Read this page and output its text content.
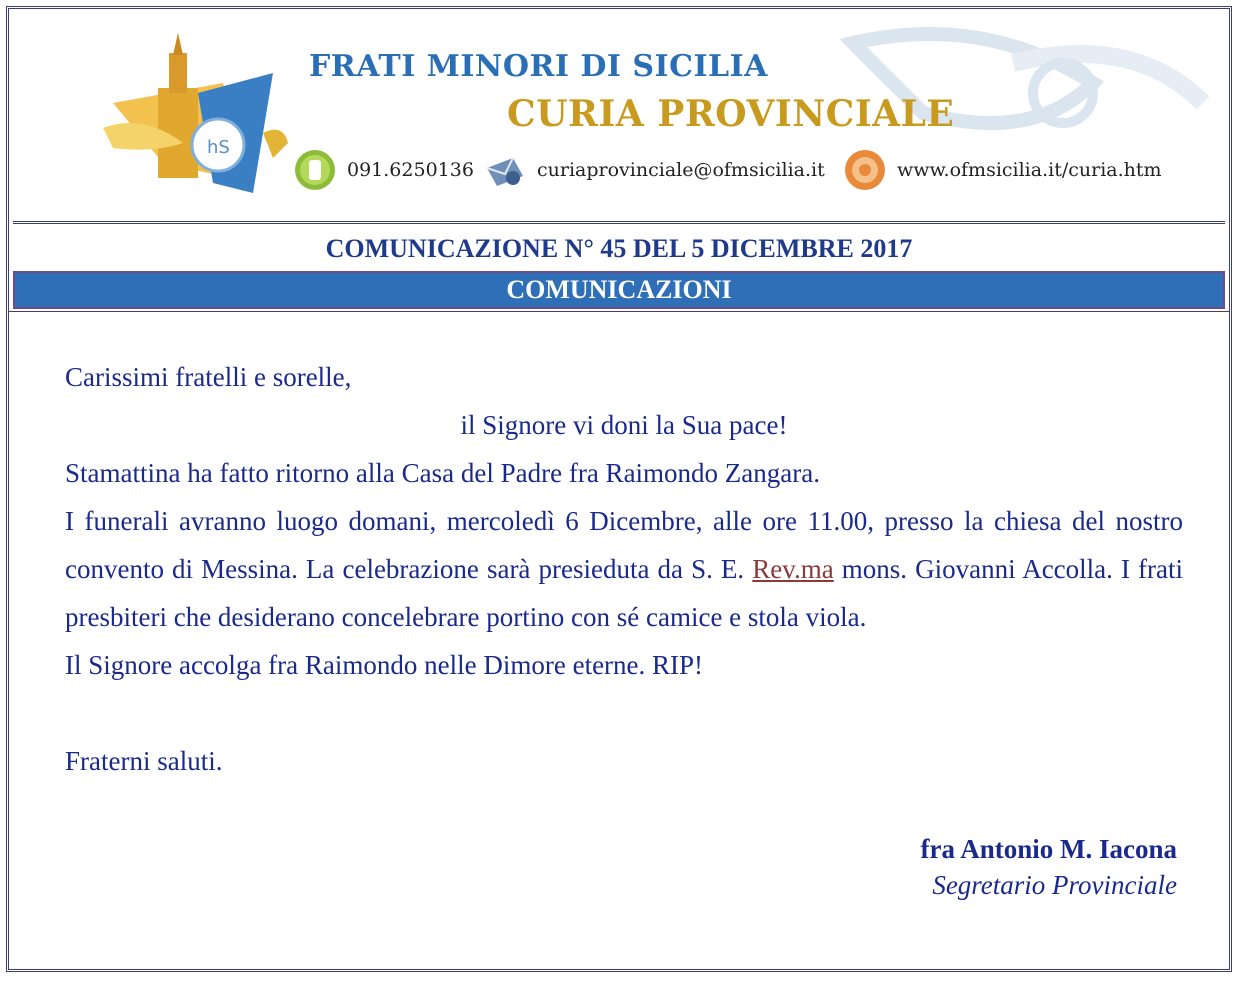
hS
FRATI MINORI DI SICILIA
CURIA PROVINCIALE
091.6250136	curiaprovinciale@ofmsicilia.it	www.ofmsicilia.it/curia.htm
COMUNICAZIONE N° 45 DEL 5 DICEMBRE 2017
COMUNICAZIONI

Carissimi fratelli e sorelle,

il Signore vi doni la Sua pace!

Stamattina ha fatto ritorno alla Casa del Padre fra Raimondo Zangara.

I funerali avranno luogo domani, mercoledì 6 Dicembre, alle ore 11.00, presso la chiesa del nostro convento di Messina. La celebrazione sarà presieduta da S. E. Rev.ma mons. Giovanni Accolla. I frati presbiteri che desiderano concelebrare portino con sé camice e stola viola.

Il Signore accolga fra Raimondo nelle Dimore eterne. RIP!

Fraterni saluti.

fra Antonio M. Iacona
Segretario Provinciale
